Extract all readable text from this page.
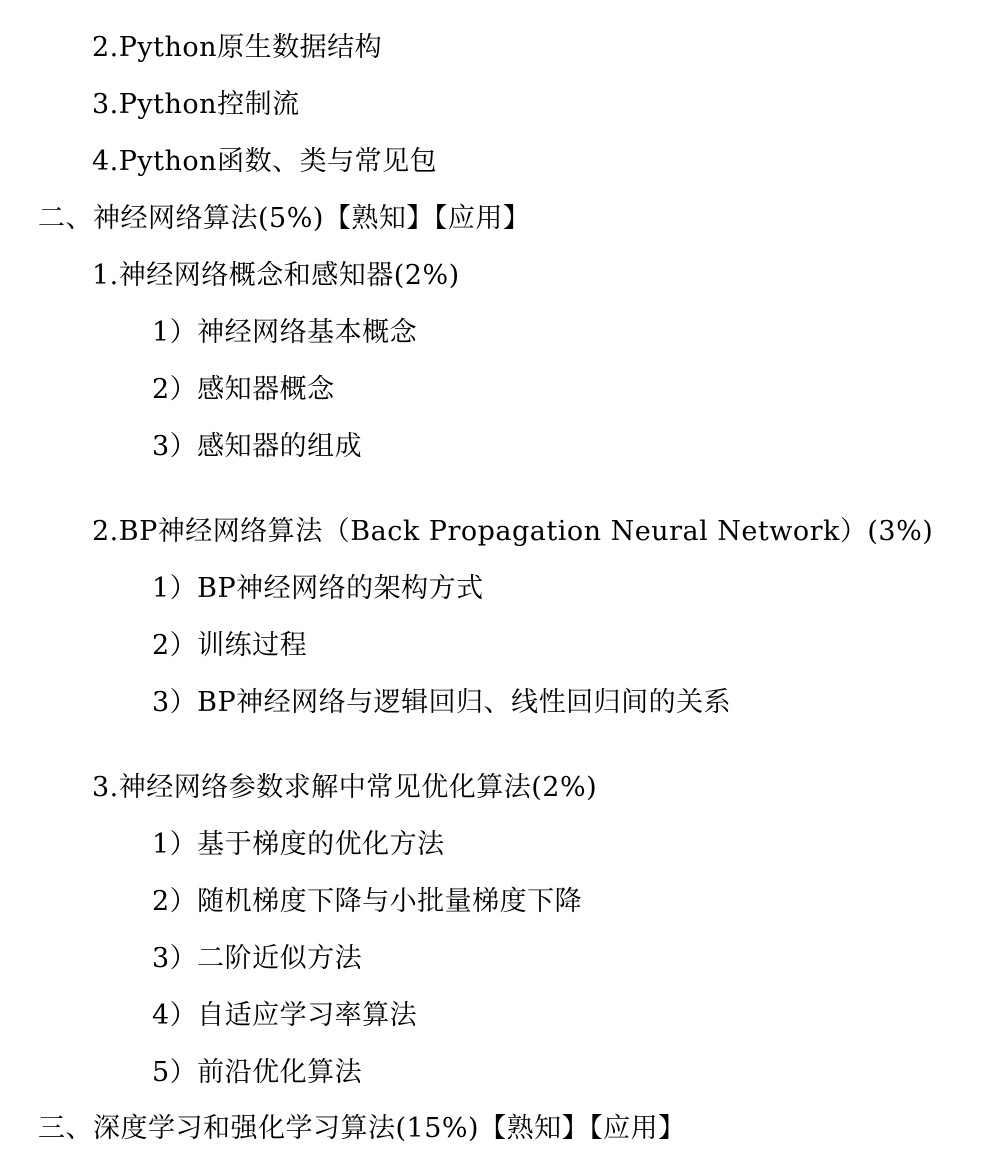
2.Python原生数据结构
3.Python控制流
4.Python函数、类与常见包
二、神经网络算法(5%)【熟知】【应用】
1.神经网络概念和感知器(2%)
1）神经网络基本概念
2）感知器概念
3）感知器的组成
2.BP神经网络算法（Back Propagation Neural Network）(3%)
1）BP神经网络的架构方式
2）训练过程
3）BP神经网络与逻辑回归、线性回归间的关系
3.神经网络参数求解中常见优化算法(2%)
1）基于梯度的优化方法
2）随机梯度下降与小批量梯度下降
3）二阶近似方法
4）自适应学习率算法
5）前沿优化算法
三、深度学习和强化学习算法(15%)【熟知】【应用】
